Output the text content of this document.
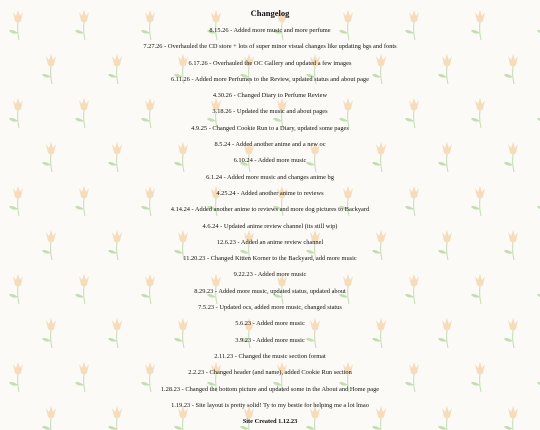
Changelog
8.15.26 - Added more music and more perfume
7.27.26 - Overhauled the CD store + lots of super minor visual changes like updating bgs and fonts
6.17.26 - Overhauled the OC Gallery and updated a few images
6.11.26 - Added more Perfumes to the Review, updated status and about page
4.30.26 - Changed Diary to Perfume Review
3.18.26 - Updated the music and about pages
4.9.25 - Changed Cookie Run to a Diary, updated some pages
8.5.24 - Added another anime and a new oc
6.10.24 - Added more music
6.1.24 - Added more music and changes anime bg
4.25.24 - Added another anime to reviews
4.14.24 - Added another anime to reviews and more dog pictures to Backyard
4.6.24 - Updated anime review channel (its still wip)
12.6.23 - Added an anime review channel
11.20.23 - Changed Kitten Korner to the Backyard, add more music
9.22.23 - Added more music
8.29.23 - Added more music, updated status, updated about
7.5.23 - Updated ocs, added more music, changed status
5.6.23 - Added more music
3.9.23 - Added more music
2.11.23 - Changed the music section format
2.2.23 - Changed header (and name), added Cookie Run section
1.28.23 - Changed the bottom picture and updated some in the About and Home page
1.19.23 - Site layout is pretty solid! Ty to my bestie for helping me a lot lmao
Site Created 1.12.23
